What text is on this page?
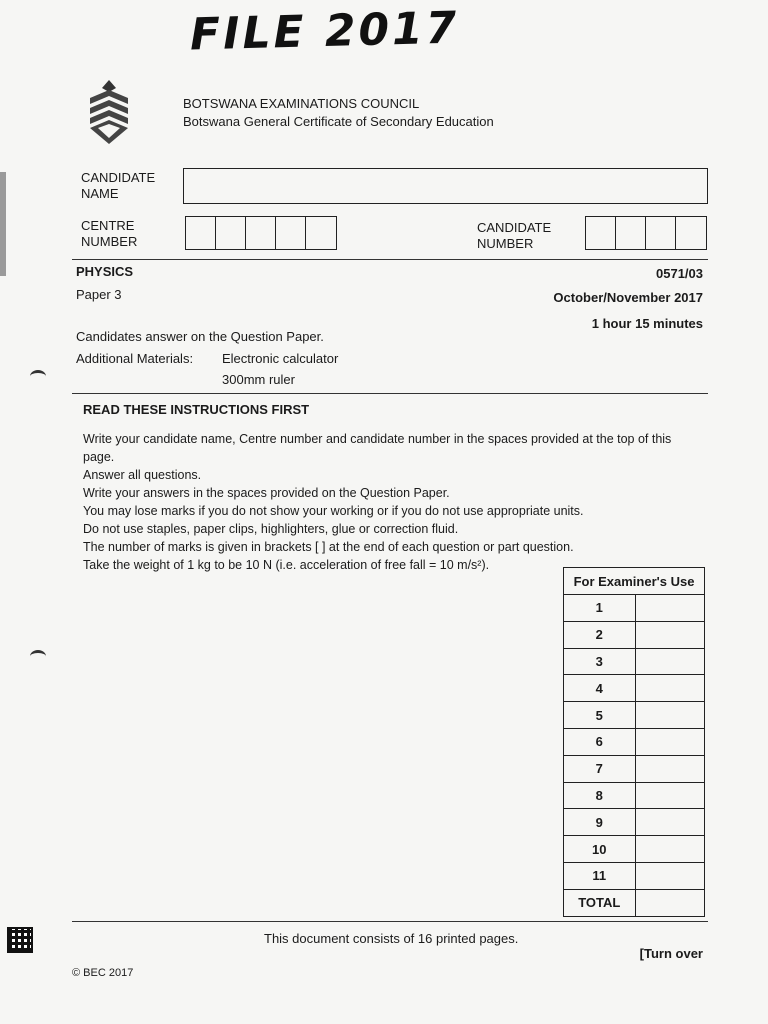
FILE 2017
BOTSWANA EXAMINATIONS COUNCIL
Botswana General Certificate of Secondary Education
CANDIDATE
NAME
CENTRE
NUMBER
CANDIDATE
NUMBER
PHYSICS
Paper 3
0571/03
October/November 2017
1 hour 15 minutes
Candidates answer on the Question Paper.
Additional Materials: Electronic calculator
300mm ruler
READ THESE INSTRUCTIONS FIRST
Write your candidate name, Centre number and candidate number in the spaces provided at the top of this page.
Answer all questions.
Write your answers in the spaces provided on the Question Paper.
You may lose marks if you do not show your working or if you do not use appropriate units.
Do not use staples, paper clips, highlighters, glue or correction fluid.
The number of marks is given in brackets [ ] at the end of each question or part question.
Take the weight of 1 kg to be 10 N (i.e. acceleration of free fall = 10 m/s²).
For Examiner's Use	
1	
2	
3	
4	
5	
6	
7	
8	
9	
10	
11	
TOTAL	
This document consists of 16 printed pages.
[Turn over
© BEC 2017
